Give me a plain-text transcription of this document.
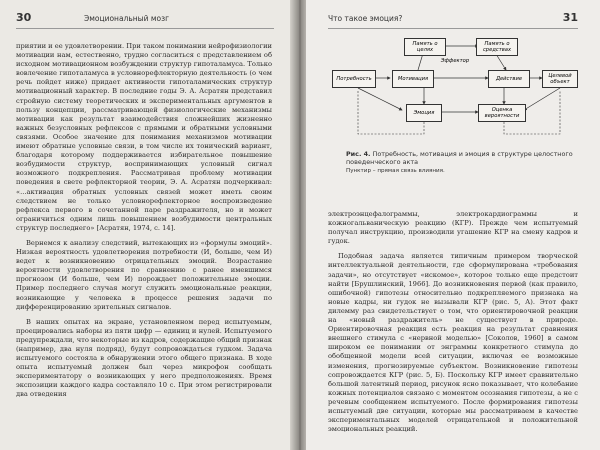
30	Эмоциональный мозг

приятии и ее удовлетворении. При таком понимании нейрофизиологии мотивации нам, естественно, трудно согласиться с представлением об исходном мотивационном возбуждении структур гипоталамуса. Только вовлечение гипоталамуса в условнорефлекторную деятельность (о чем речь пойдет ниже) придает активности гипоталамических структур мотивационный характер. В последние годы Э. А. Асратян представил стройную систему теоретических и экспериментальных аргументов в пользу концепции, рассматривающей физиологические механизмы мотивации как результат взаимодействия сложнейших жизненно важных безусловных рефлексов с прямыми и обратными условными связями. Особое значение для понимания механизмов мотивации имеют обратные условные связи, в том числе их тонический вариант, благодаря которому поддерживается избирательное повышение возбудимости структур, воспринимающих условный сигнал возможного подкрепления. Рассматривая проблему мотивации поведения в свете рефлекторной теории, Э. А. Асратян подчеркивал: «...активация обратных условных связей может иметь своим следствием не только условнорефлекторное воспроизведение рефлекса первого в сочетанной паре раздражителя, но и может ограничиться одним лишь повышением возбудимости центральных структур последнего» [Асратян, 1974, с. 14].

Вернемся к анализу следствий, вытекающих из «формулы эмоций». Низкая вероятность удовлетворения потребности (И, больше, чем И) ведет к возникновению отрицательных эмоций. Возрастание вероятности удовлетворения по сравнению с ранее имевшимся прогнозом (И больше, чем И) порождает положительные эмоции. Пример последнего случая могут служить эмоциональные реакции, возникающие у человека в процессе решения задачи по дифференцированию зрительных сигналов.

В наших опытах на экране, установленном перед испытуемым, проецировались наборы из пяти цифр — единиц и нулей. Испытуемого предупреждали, что некоторые из кадров, содержащие общий признак (например, два нуля подряд), будут сопровождаться гудком. Задача испытуемого состояла в обнаружении этого общего признака. В ходе опыта испытуемый должен был через микрофон сообщать экспериментатору о возникающих у него предположениях. Время экспозиции каждого кадра составляло 10 с. При этом регистрировали два отведения

Что такое эмоция?	31
Память о целях
Память о средствах
Потребность	Мотивация	Действие	Целевой объект
Эмоция	Оценка вероятности
Эффектор
Рис. 4. Потребность, мотивация и эмоция в структуре целостного поведенческого акта
Пунктир – прямая связь влияния.

электроэнцефалограммы, электрокардиограммы и кожногальваническую реакцию (КГР). Прежде чем испытуемый получал инструкцию, производили угашение КГР на смену кадров и гудок.

Подобная задача является типичным примером творческой интеллектуальной деятельности, где сформулирована «требования задачи», но отсутствует «искомое», которое только еще предстоит найти [Брушлинский, 1966]. До возникновения первой (как правило, ошибочной) гипотезы относительно подкрепляемого признака на новые кадры, ни гудок не вызывали КГР (рис. 5, А). Этот факт дилемму раз свидетельствует о том, что ориентировочной реакции на «новый раздражитель» не существует в природе. Ориентировочная реакция есть реакция на результат сравнения внешнего стимула с «нервной моделью» [Соколов, 1960] в самом широком ее понимании от энграммы конкретного стимула до обобщенной модели всей ситуации, включая ее возможные изменения, прогнозируемые субъектом. Возникновение гипотезы сопровождается КГР (рис. 5, Б). Поскольку КГР имеет сравнительно большой латентный период, рисунок ясно показывает, что колебание кожных потенциалов связано с моментом осознания гипотезы, а не с речевым сообщением испытуемого. После формирования гипотезы испытуемый две ситуации, которые мы рассматриваем в качестве экспериментальных моделей отрицательной и положительной эмоциональных реакций.
